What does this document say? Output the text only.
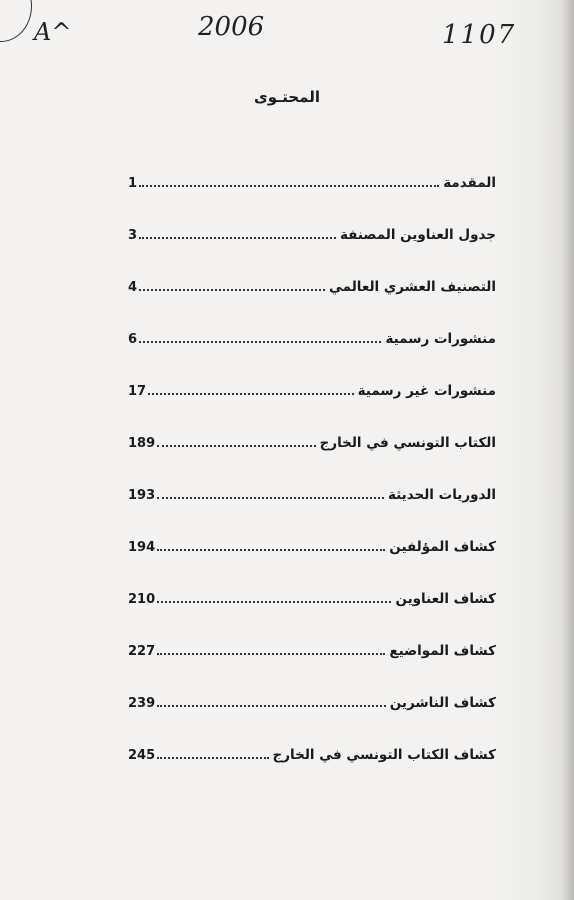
A^	2006	1107
المحتـوى
المقدمة
1
جدول العناوين المصنفة
3
التصنيف العشري العالمي
4
منشورات رسمية
6
منشورات غير رسمية
17
الكتاب التونسي في الخارج
189
الدوريات الحديثة
193
كشاف المؤلفين
194
كشاف العناوين
210
كشاف المواضيع
227
كشاف الناشرين
239
كشاف الكتاب التونسي في الخارج
245
